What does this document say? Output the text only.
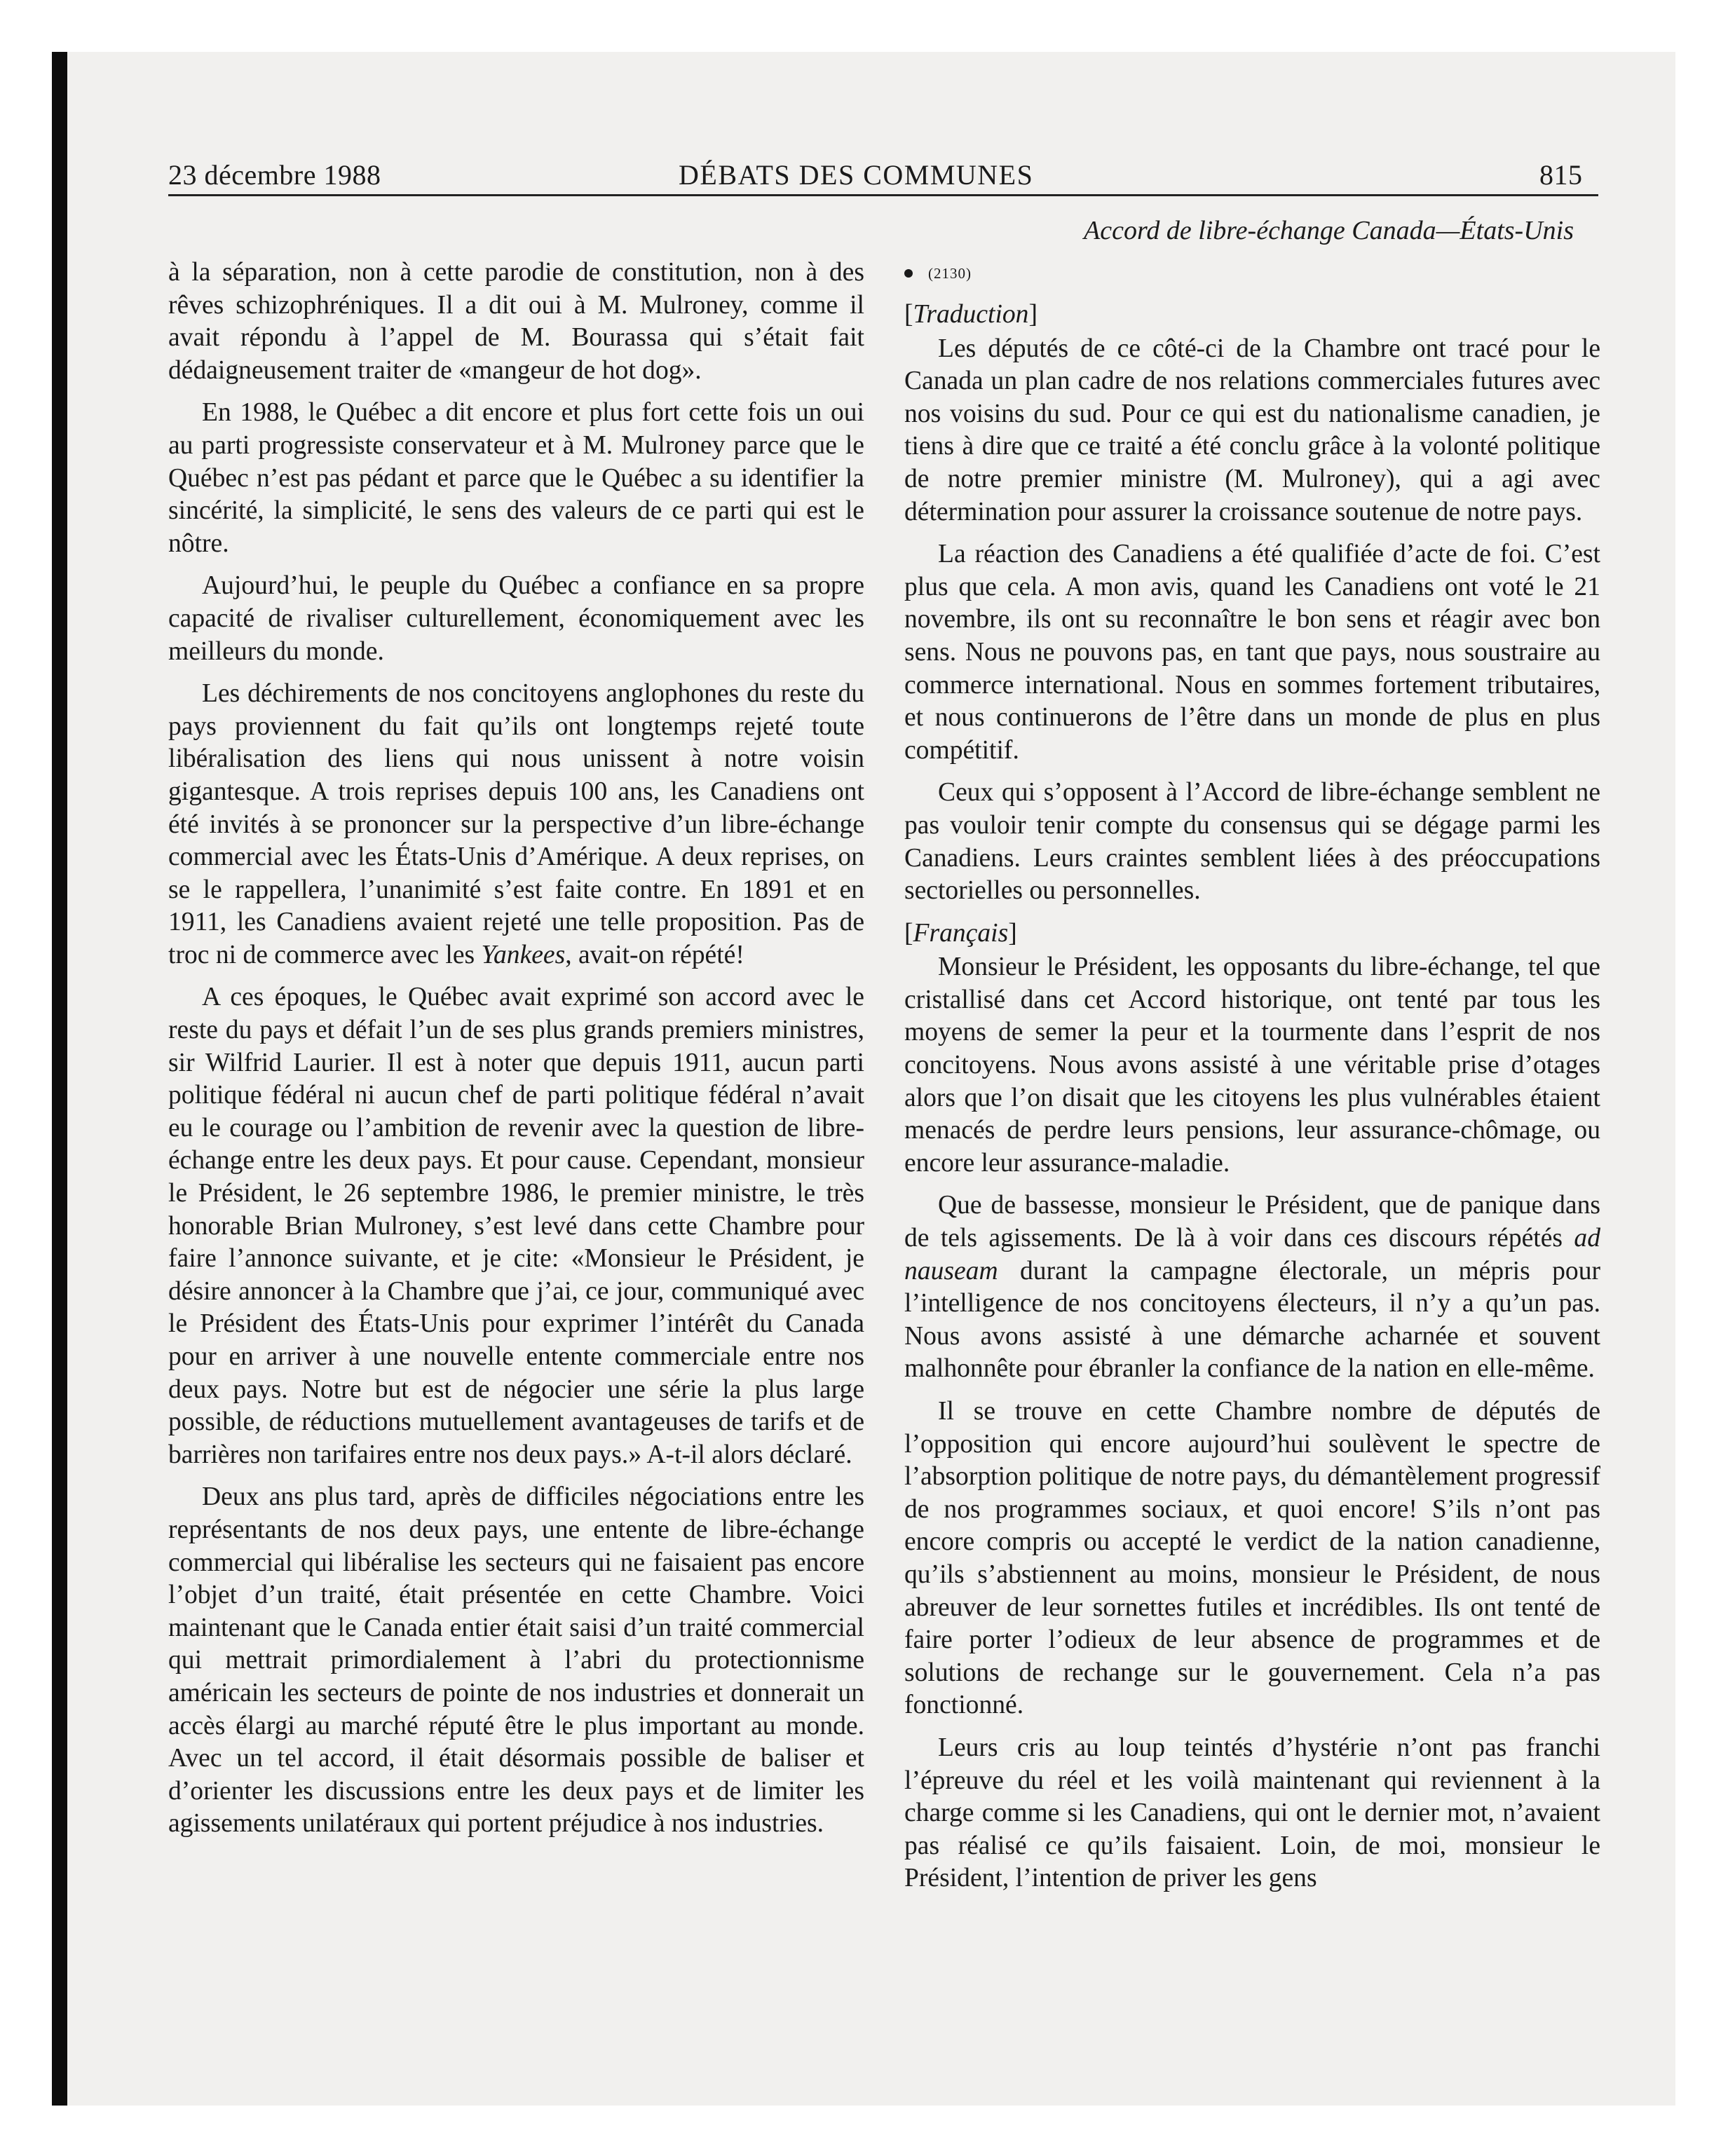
23 décembre 1988	DÉBATS DES COMMUNES	815
Accord de libre-échange Canada—États-Unis

à la séparation, non à cette parodie de constitution, non à des rêves schizophréniques. Il a dit oui à M. Mulroney, comme il avait répondu à l’appel de M. Bourassa qui s’était fait dédaigneusement traiter de «mangeur de hot dog».

En 1988, le Québec a dit encore et plus fort cette fois un oui au parti progressiste conservateur et à M. Mulroney parce que le Québec n’est pas pédant et parce que le Québec a su identifier la sincérité, la simplicité, le sens des valeurs de ce parti qui est le nôtre.

Aujourd’hui, le peuple du Québec a confiance en sa propre capacité de rivaliser culturellement, économiquement avec les meilleurs du monde.

Les déchirements de nos concitoyens anglophones du reste du pays proviennent du fait qu’ils ont longtemps rejeté toute libéralisation des liens qui nous unissent à notre voisin gigantesque. A trois reprises depuis 100 ans, les Canadiens ont été invités à se prononcer sur la perspective d’un libre-échange commercial avec les États-Unis d’Amérique. A deux reprises, on se le rappellera, l’unanimité s’est faite contre. En 1891 et en 1911, les Canadiens avaient rejeté une telle proposition. Pas de troc ni de commerce avec les Yankees, avait-on répété!

A ces époques, le Québec avait exprimé son accord avec le reste du pays et défait l’un de ses plus grands premiers ministres, sir Wilfrid Laurier. Il est à noter que depuis 1911, aucun parti politique fédéral ni aucun chef de parti politique fédéral n’avait eu le courage ou l’ambition de revenir avec la question de libre-échange entre les deux pays. Et pour cause. Cependant, monsieur le Président, le 26 septembre 1986, le premier ministre, le très honorable Brian Mulroney, s’est levé dans cette Chambre pour faire l’annonce suivante, et je cite: «Monsieur le Président, je désire annoncer à la Chambre que j’ai, ce jour, communiqué avec le Président des États-Unis pour exprimer l’intérêt du Canada pour en arriver à une nouvelle entente commerciale entre nos deux pays. Notre but est de négocier une série la plus large possible, de réductions mutuellement avantageuses de tarifs et de barrières non tarifaires entre nos deux pays.» A-t-il alors déclaré.

Deux ans plus tard, après de difficiles négociations entre les représentants de nos deux pays, une entente de libre-échange commercial qui libéralise les secteurs qui ne faisaient pas encore l’objet d’un traité, était présentée en cette Chambre. Voici maintenant que le Canada entier était saisi d’un traité commercial qui mettrait primordialement à l’abri du protectionnisme américain les secteurs de pointe de nos industries et donnerait un accès élargi au marché réputé être le plus important au monde. Avec un tel accord, il était désormais possible de baliser et d’orienter les discussions entre les deux pays et de limiter les agissements unilatéraux qui portent préjudice à nos industries.

(2130)

[Traduction]

Les députés de ce côté-ci de la Chambre ont tracé pour le Canada un plan cadre de nos relations commerciales futures avec nos voisins du sud. Pour ce qui est du nationalisme canadien, je tiens à dire que ce traité a été conclu grâce à la volonté politique de notre premier ministre (M. Mulroney), qui a agi avec détermination pour assurer la croissance soutenue de notre pays.

La réaction des Canadiens a été qualifiée d’acte de foi. C’est plus que cela. A mon avis, quand les Canadiens ont voté le 21 novembre, ils ont su reconnaître le bon sens et réagir avec bon sens. Nous ne pouvons pas, en tant que pays, nous soustraire au commerce international. Nous en sommes fortement tributaires, et nous continuerons de l’être dans un monde de plus en plus compétitif.

Ceux qui s’opposent à l’Accord de libre-échange semblent ne pas vouloir tenir compte du consensus qui se dégage parmi les Canadiens. Leurs craintes semblent liées à des préoccupations sectorielles ou personnelles.

[Français]

Monsieur le Président, les opposants du libre-échange, tel que cristallisé dans cet Accord historique, ont tenté par tous les moyens de semer la peur et la tourmente dans l’esprit de nos concitoyens. Nous avons assisté à une véritable prise d’otages alors que l’on disait que les citoyens les plus vulnérables étaient menacés de perdre leurs pensions, leur assurance-chômage, ou encore leur assurance-maladie.

Que de bassesse, monsieur le Président, que de panique dans de tels agissements. De là à voir dans ces discours répétés ad nauseam durant la campagne électorale, un mépris pour l’intelligence de nos concitoyens électeurs, il n’y a qu’un pas. Nous avons assisté à une démarche acharnée et souvent malhonnête pour ébranler la confiance de la nation en elle-même.

Il se trouve en cette Chambre nombre de députés de l’opposition qui encore aujourd’hui soulèvent le spectre de l’absorption politique de notre pays, du démantèlement progressif de nos programmes sociaux, et quoi encore! S’ils n’ont pas encore compris ou accepté le verdict de la nation canadienne, qu’ils s’abstiennent au moins, monsieur le Président, de nous abreuver de leur sornettes futiles et incrédibles. Ils ont tenté de faire porter l’odieux de leur absence de programmes et de solutions de rechange sur le gouvernement. Cela n’a pas fonctionné.

Leurs cris au loup teintés d’hystérie n’ont pas franchi l’épreuve du réel et les voilà maintenant qui reviennent à la charge comme si les Canadiens, qui ont le dernier mot, n’avaient pas réalisé ce qu’ils faisaient. Loin, de moi, monsieur le Président, l’intention de priver les gens
